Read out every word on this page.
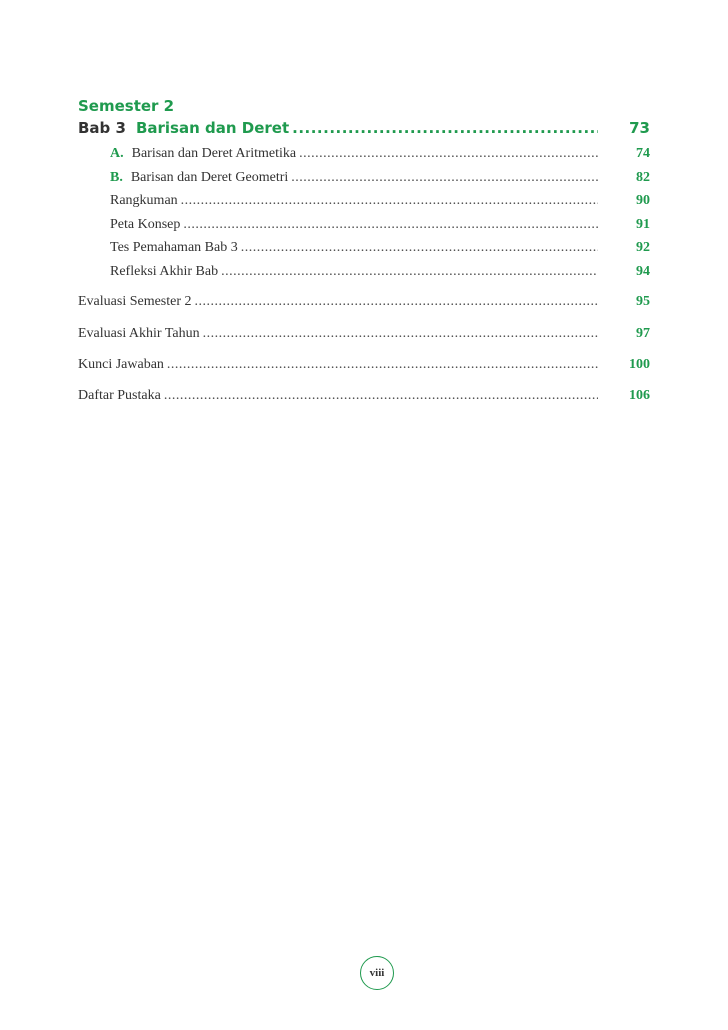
Semester 2
Bab 3 Barisan dan Deret .....	73
A. Barisan dan Deret Aritmetika .....	74
B. Barisan dan Deret Geometri .....	82
Rangkuman .....	90
Peta Konsep .....	91
Tes Pemahaman Bab 3 .....	92
Refleksi Akhir Bab .....	94
Evaluasi Semester 2 .....	95
Evaluasi Akhir Tahun .....	97
Kunci Jawaban .....	100
Daftar Pustaka .....	106
viii
